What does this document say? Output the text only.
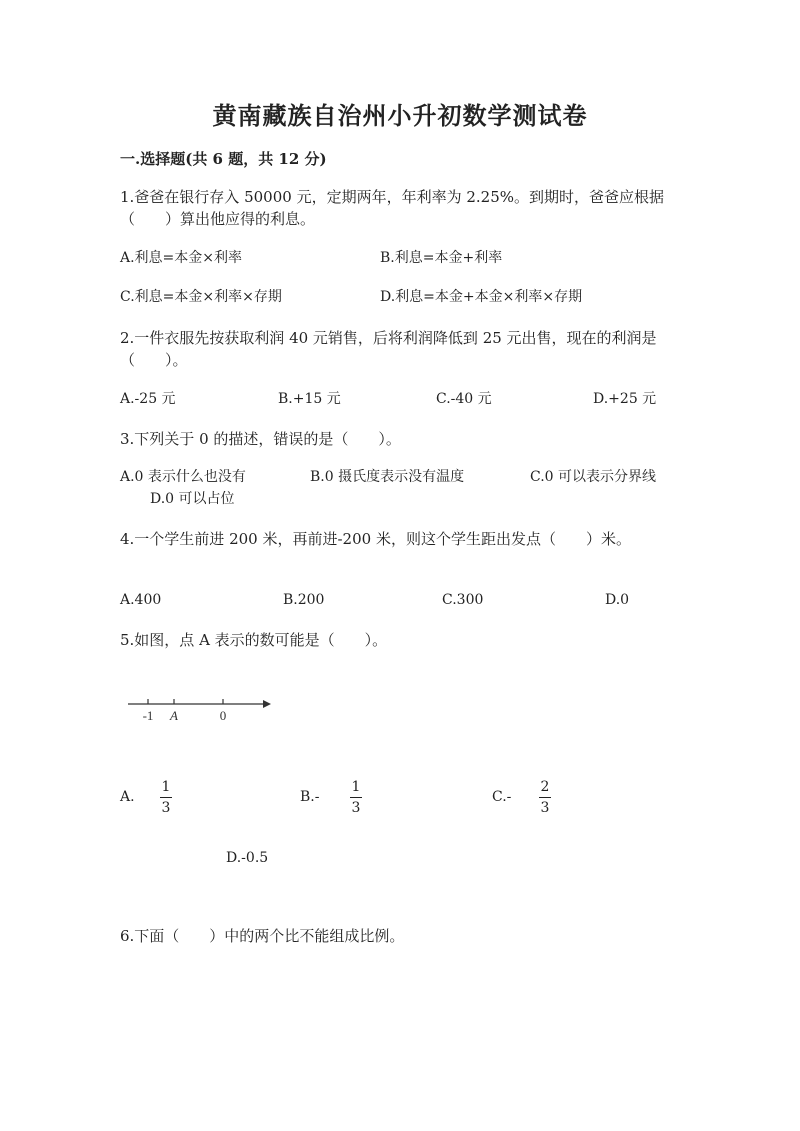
黄南藏族自治州小升初数学测试卷
一.选择题(共 6 题，共 12 分)
1.爸爸在银行存入 50000 元，定期两年，年利率为 2.25%。到期时，爸爸应根据（　　）算出他应得的利息。
A.利息=本金×利率	B.利息=本金+利率
C.利息=本金×利率×存期	D.利息=本金+本金×利率×存期
2.一件衣服先按获取利润 40 元销售，后将利润降低到 25 元出售，现在的利润是（　　）。
A.-25 元	B.+15 元	C.-40 元	D.+25 元
3.下列关于 0 的描述，错误的是（　　）。
A.0 表示什么也没有	B.0 摄氏度表示没有温度	C.0 可以表示分界线
D.0 可以占位
4.一个学生前进 200 米，再前进-200 米，则这个学生距出发点（　　）米。
A.400	B.200	C.300	D.0
5.如图，点 A 表示的数可能是（　　）。
-1 A	0
A.
1
3
B.-
1
3
C.-
2
3
D.-0.5
6.下面（　　）中的两个比不能组成比例。
